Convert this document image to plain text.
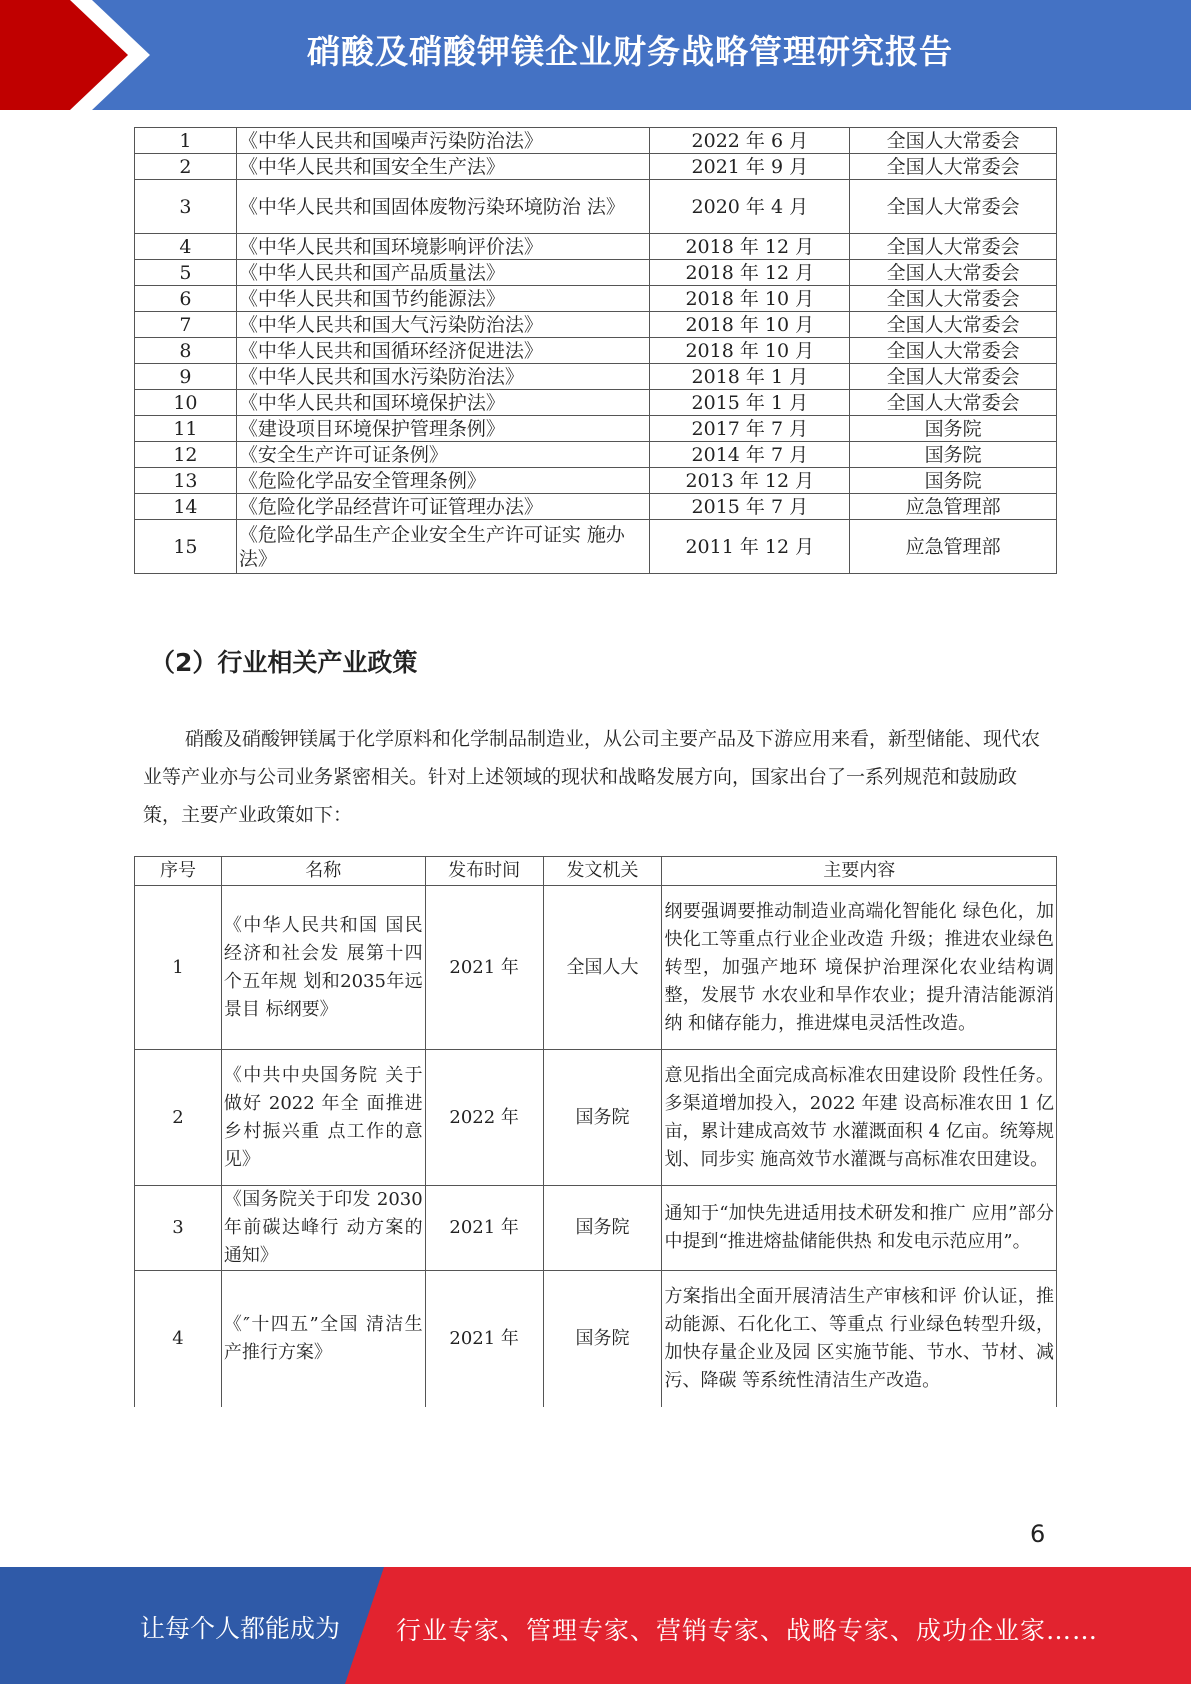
硝酸及硝酸钾镁企业财务战略管理研究报告
1	《中华人民共和国噪声污染防治法》	2022 年 6 月	全国人大常委会
2	《中华人民共和国安全生产法》	2021 年 9 月	全国人大常委会
3	《中华人民共和国固体废物污染环境防治 法》	2020 年 4 月	全国人大常委会
4	《中华人民共和国环境影响评价法》	2018 年 12 月	全国人大常委会
5	《中华人民共和国产品质量法》	2018 年 12 月	全国人大常委会
6	《中华人民共和国节约能源法》	2018 年 10 月	全国人大常委会
7	《中华人民共和国大气污染防治法》	2018 年 10 月	全国人大常委会
8	《中华人民共和国循环经济促进法》	2018 年 10 月	全国人大常委会
9	《中华人民共和国水污染防治法》	2018 年 1 月	全国人大常委会
10	《中华人民共和国环境保护法》	2015 年 1 月	全国人大常委会
11	《建设项目环境保护管理条例》	2017 年 7 月	国务院
12	《安全生产许可证条例》	2014 年 7 月	国务院
13	《危险化学品安全管理条例》	2013 年 12 月	国务院
14	《危险化学品经营许可证管理办法》	2015 年 7 月	应急管理部
15	《危险化学品生产企业安全生产许可证实 施办法》	2011 年 12 月	应急管理部
（2）行业相关产业政策
硝酸及硝酸钾镁属于化学原料和化学制品制造业，从公司主要产品及下游应用来看，新型储能、现代农业等产业亦与公司业务紧密相关。针对上述领域的现状和战略发展方向，国家出台了一系列规范和鼓励政策，主要产业政策如下：
序号	名称	发布时间	发文机关	主要内容
1	《中华人民共和国 国民经济和社会发 展第十四个五年规 划和2035年远景目 标纲要》	2021 年	全国人大	纲要强调要推动制造业高端化智能化 绿色化，加快化工等重点行业企业改造 升级；推进农业绿色转型，加强产地环 境保护治理深化农业结构调整，发展节 水农业和旱作农业；提升清洁能源消纳 和储存能力，推进煤电灵活性改造。
2	《中共中央国务院 关于做好 2022 年全 面推进乡村振兴重 点工作的意见》	2022 年	国务院	意见指出全面完成高标准农田建设阶 段性任务。多渠道增加投入，2022 年建 设高标准农田 1 亿亩，累计建成高效节 水灌溉面积 4 亿亩。统筹规划、同步实 施高效节水灌溉与高标准农田建设。
3	《国务院关于印发 2030 年前碳达峰行 动方案的通知》	2021 年	国务院	通知于“加快先进适用技术研发和推广 应用”部分中提到“推进熔盐储能供热 和发电示范应用”。
4	《″十四五”全国 清洁生产推行方案》	2021 年	国务院	方案指出全面开展清洁生产审核和评 价认证，推动能源、石化化工、等重点 行业绿色转型升级，加快存量企业及园 区实施节能、节水、节材、减污、降碳 等系统性清洁生产改造。
6
让每个人都能成为 行业专家、管理专家、营销专家、战略专家、成功企业家……
